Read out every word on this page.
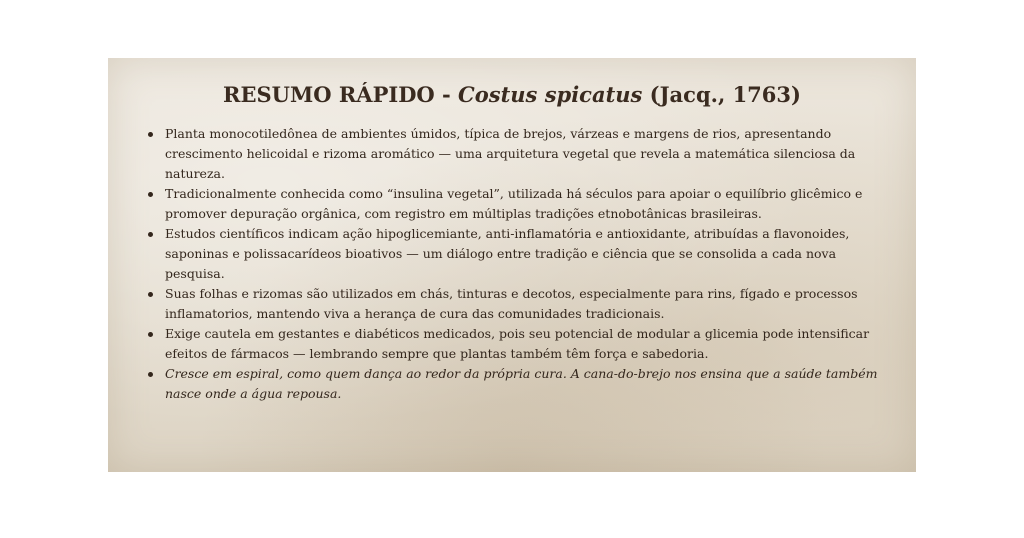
RESUMO RÁPIDO - Costus spicatus (Jacq., 1763)
Planta monocotiledônea de ambientes úmidos, típica de brejos, várzeas e margens de rios, apresentando crescimento helicoidal e rizoma aromático — uma arquitetura vegetal que revela a matemática silenciosa da natureza.
Tradicionalmente conhecida como “insulina vegetal”, utilizada há séculos para apoiar o equilíbrio glicêmico e promover depuração orgânica, com registro em múltiplas tradições etnobotânicas brasileiras.
Estudos científicos indicam ação hipoglicemiante, anti-inflamatória e antioxidante, atribuídas a flavonoides, saponinas e polissacarídeos bioativos — um diálogo entre tradição e ciência que se consolida a cada nova pesquisa.
Suas folhas e rizomas são utilizados em chás, tinturas e decotos, especialmente para rins, fígado e processos inflamatorios, mantendo viva a herança de cura das comunidades tradicionais.
Exige cautela em gestantes e diabéticos medicados, pois seu potencial de modular a glicemia pode intensificar efeitos de fármacos — lembrando sempre que plantas também têm força e sabedoria.
Cresce em espiral, como quem dança ao redor da própria cura. A cana-do-brejo nos ensina que a saúde também nasce onde a água repousa.
